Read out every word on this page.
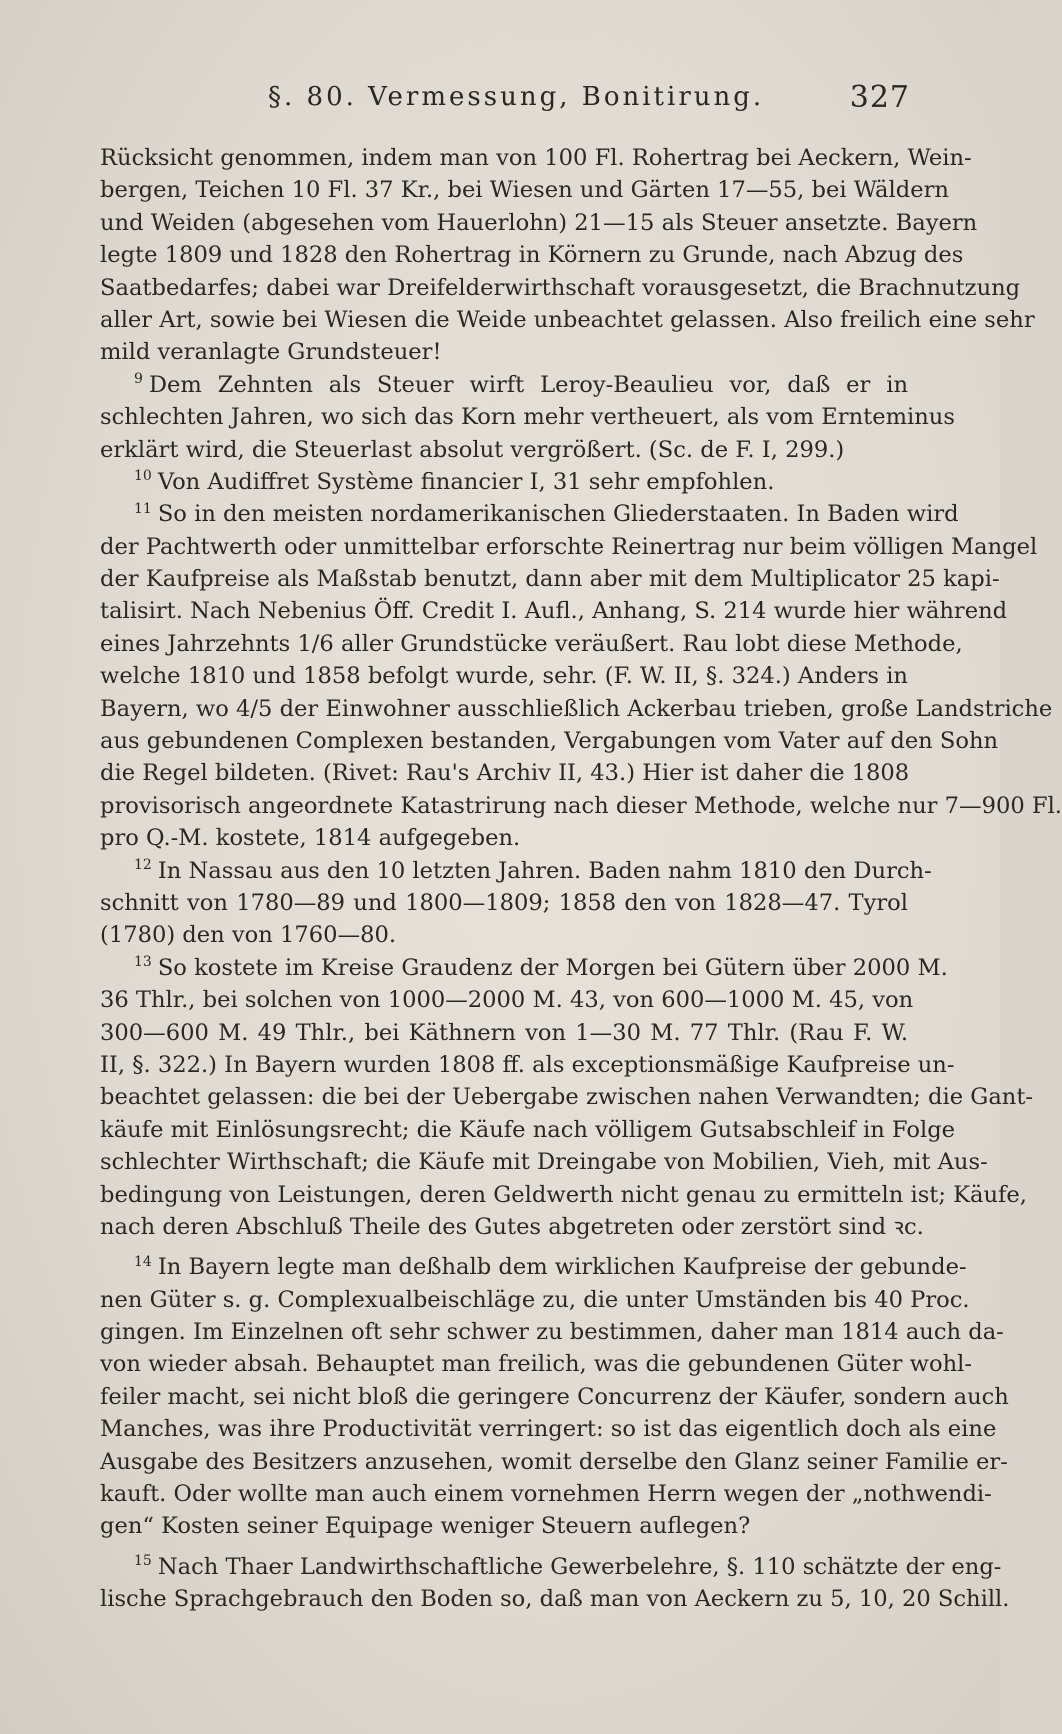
§. 80. Vermessung, Bonitirung.	327
Rücksicht genommen, indem man von 100 Fl. Rohertrag bei Aeckern, Wein-
bergen, Teichen 10 Fl. 37 Kr., bei Wiesen und Gärten 17—55, bei Wäldern
und Weiden (abgesehen vom Hauerlohn) 21—15 als Steuer ansetzte. Bayern
legte 1809 und 1828 den Rohertrag in Körnern zu Grunde, nach Abzug des
Saatbedarfes; dabei war Dreifelderwirthschaft vorausgesetzt, die Brachnutzung
aller Art, sowie bei Wiesen die Weide unbeachtet gelassen. Also freilich eine sehr
mild veranlagte Grundsteuer!
$^9$ Dem Zehnten als Steuer wirft Leroy-Beaulieu vor, daß er in
schlechten Jahren, wo sich das Korn mehr vertheuert, als vom Erntеminus
erklärt wird, die Steuerlast absolut vergrößert. (Sc. de F. I, 299.)
$^{10}$ Von Audiffret Système financier I, 31 sehr empfohlen.
$^{11}$ So in den meisten nordamerikanischen Gliederstaaten. In Baden wird
der Pachtwerth oder unmittelbar erforschte Reinertrag nur beim völligen Mangel
der Kaufpreise als Maßstab benutzt, dann aber mit dem Multiplicator 25 kapi-
talisirt. Nach Nebenius Öff. Credit I. Aufl., Anhang, S. 214 wurde hier während
eines Jahrzehnts 1/6 aller Grundstücke veräußert. Rau lobt diese Methode,
welche 1810 und 1858 befolgt wurde, sehr. (F. W. II, §. 324.) Anders in
Bayern, wo 4/5 der Einwohner ausschließlich Ackerbau trieben, große Landstriche
aus gebundenen Complexen bestanden, Vergabungen vom Vater auf den Sohn
die Regel bildeten. (Rivet: Rau's Archiv II, 43.) Hier ist daher die 1808
provisorisch angeordnete Katastrirung nach dieser Methode, welche nur 7—900 Fl.
pro Q.-M. kostete, 1814 aufgegeben.
$^{12}$ In Nassau aus den 10 letzten Jahren. Baden nahm 1810 den Durch-
schnitt von 1780—89 und 1800—1809; 1858 den von 1828—47. Tyrol
(1780) den von 1760—80.
$^{13}$ So kostete im Kreise Graudenz der Morgen bei Gütern über 2000 M.
36 Thlr., bei solchen von 1000—2000 M. 43, von 600—1000 M. 45, von
300—600 M. 49 Thlr., bei Käthnern von 1—30 M. 77 Thlr. (Rau F. W.
II, §. 322.) In Bayern wurden 1808 ff. als exceptionsmäßige Kaufpreise un-
beachtet gelassen: die bei der Uebergabe zwischen nahen Verwandten; die Gant-
käufe mit Einlösungsrecht; die Käufe nach völligem Gutsabschleif in Folge
schlechter Wirthschaft; die Käufe mit Dreingabe von Mobilien, Vieh, mit Aus-
bedingung von Leistungen, deren Geldwerth nicht genau zu ermitteln ist; Käufe,
nach deren Abschluß Theile des Gutes abgetreten oder zerstört sind ꝛc.
$^{14}$ In Bayern legte man deßhalb dem wirklichen Kaufpreise der gebunde-
nen Güter s. g. Complexualbeischläge zu, die unter Umständen bis 40 Proc.
gingen. Im Einzelnen oft sehr schwer zu bestimmen, daher man 1814 auch da-
von wieder absah. Behauptet man freilich, was die gebundenen Güter wohl-
feiler macht, sei nicht bloß die geringere Concurrenz der Käufer, sondern auch
Manches, was ihre Productivität verringert: so ist das eigentlich doch als eine
Ausgabe des Besitzers anzusehen, womit derselbe den Glanz seiner Familie er-
kauft. Oder wollte man auch einem vornehmen Herrn wegen der „nothwendi-
gen“ Kosten seiner Equipage weniger Steuern auflegen?
$^{15}$ Nach Thaer Landwirthschaftliche Gewerbelehre, §. 110 schätzte der eng-
lische Sprachgebrauch den Boden so, daß man von Aeckern zu 5, 10, 20 Schill.
